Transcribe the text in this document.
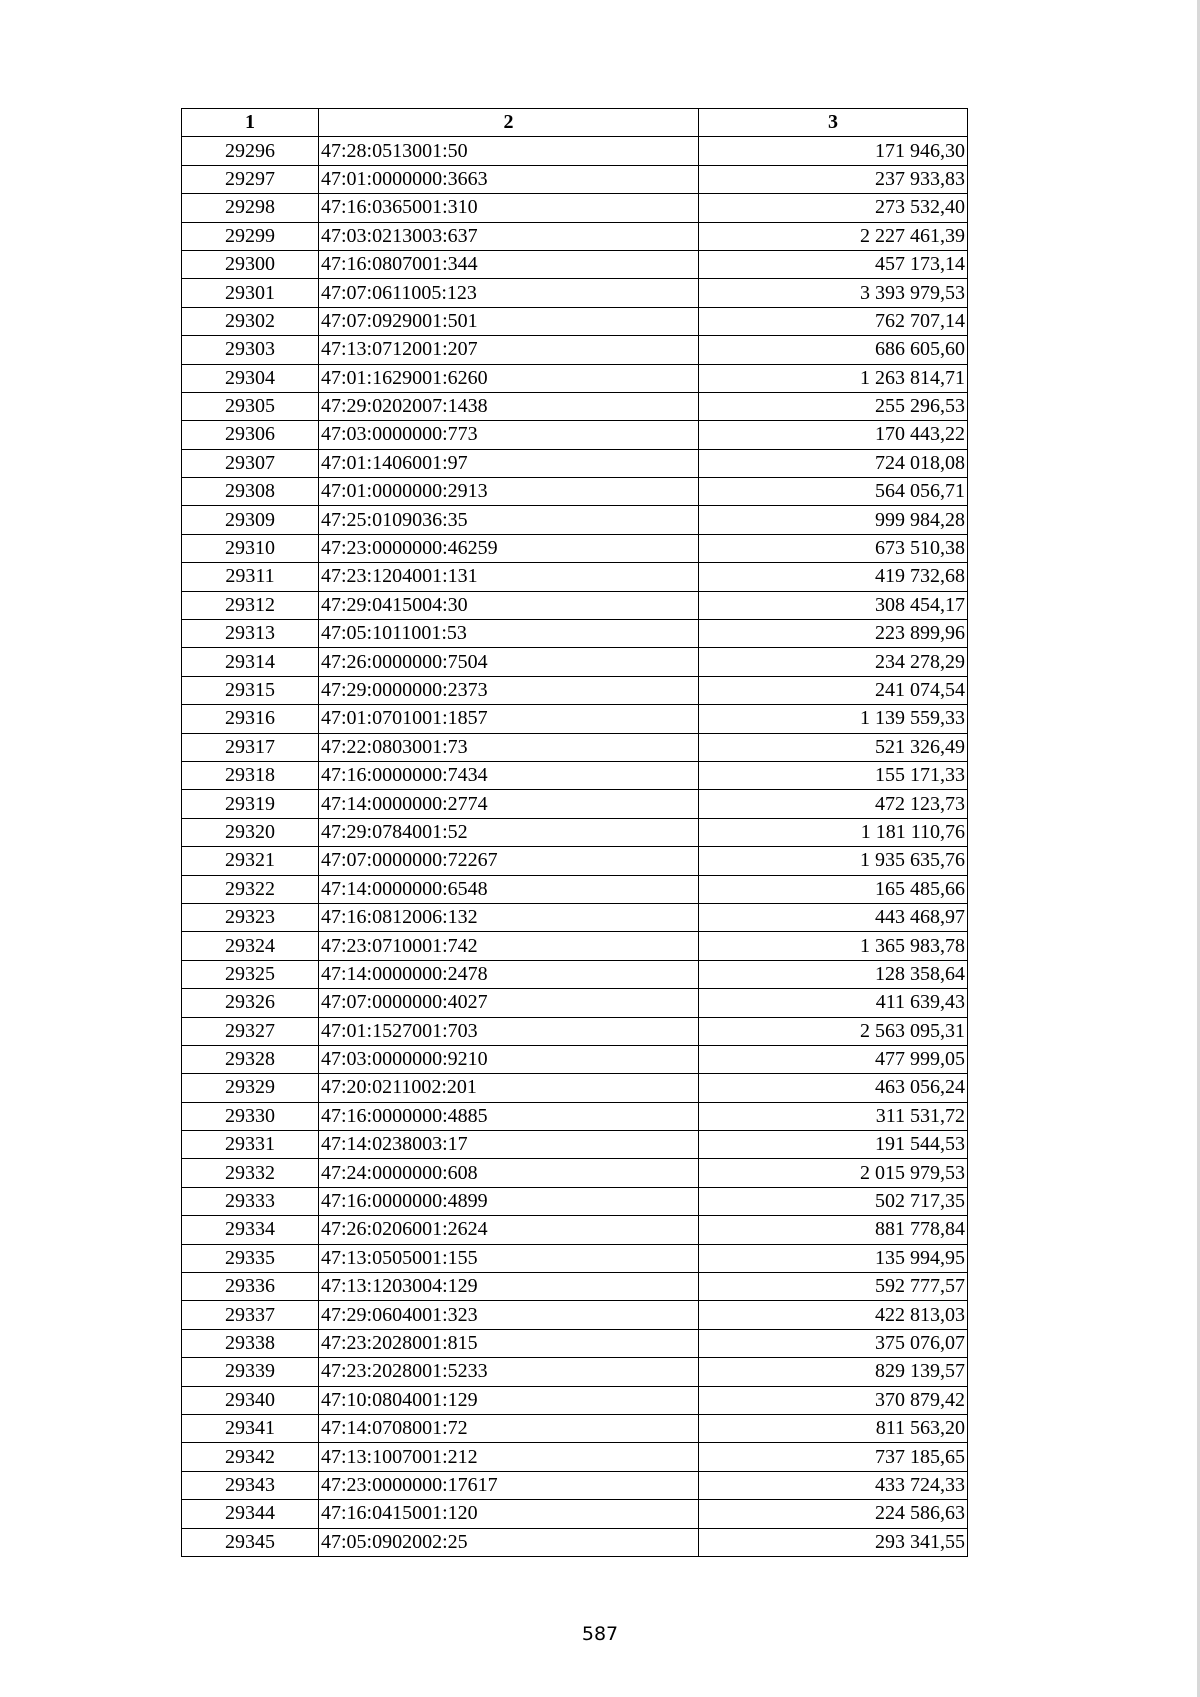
1	2	3
29296	47:28:0513001:50	171 946,30
29297	47:01:0000000:3663	237 933,83
29298	47:16:0365001:310	273 532,40
29299	47:03:0213003:637	2 227 461,39
29300	47:16:0807001:344	457 173,14
29301	47:07:0611005:123	3 393 979,53
29302	47:07:0929001:501	762 707,14
29303	47:13:0712001:207	686 605,60
29304	47:01:1629001:6260	1 263 814,71
29305	47:29:0202007:1438	255 296,53
29306	47:03:0000000:773	170 443,22
29307	47:01:1406001:97	724 018,08
29308	47:01:0000000:2913	564 056,71
29309	47:25:0109036:35	999 984,28
29310	47:23:0000000:46259	673 510,38
29311	47:23:1204001:131	419 732,68
29312	47:29:0415004:30	308 454,17
29313	47:05:1011001:53	223 899,96
29314	47:26:0000000:7504	234 278,29
29315	47:29:0000000:2373	241 074,54
29316	47:01:0701001:1857	1 139 559,33
29317	47:22:0803001:73	521 326,49
29318	47:16:0000000:7434	155 171,33
29319	47:14:0000000:2774	472 123,73
29320	47:29:0784001:52	1 181 110,76
29321	47:07:0000000:72267	1 935 635,76
29322	47:14:0000000:6548	165 485,66
29323	47:16:0812006:132	443 468,97
29324	47:23:0710001:742	1 365 983,78
29325	47:14:0000000:2478	128 358,64
29326	47:07:0000000:4027	411 639,43
29327	47:01:1527001:703	2 563 095,31
29328	47:03:0000000:9210	477 999,05
29329	47:20:0211002:201	463 056,24
29330	47:16:0000000:4885	311 531,72
29331	47:14:0238003:17	191 544,53
29332	47:24:0000000:608	2 015 979,53
29333	47:16:0000000:4899	502 717,35
29334	47:26:0206001:2624	881 778,84
29335	47:13:0505001:155	135 994,95
29336	47:13:1203004:129	592 777,57
29337	47:29:0604001:323	422 813,03
29338	47:23:2028001:815	375 076,07
29339	47:23:2028001:5233	829 139,57
29340	47:10:0804001:129	370 879,42
29341	47:14:0708001:72	811 563,20
29342	47:13:1007001:212	737 185,65
29343	47:23:0000000:17617	433 724,33
29344	47:16:0415001:120	224 586,63
29345	47:05:0902002:25	293 341,55
587
